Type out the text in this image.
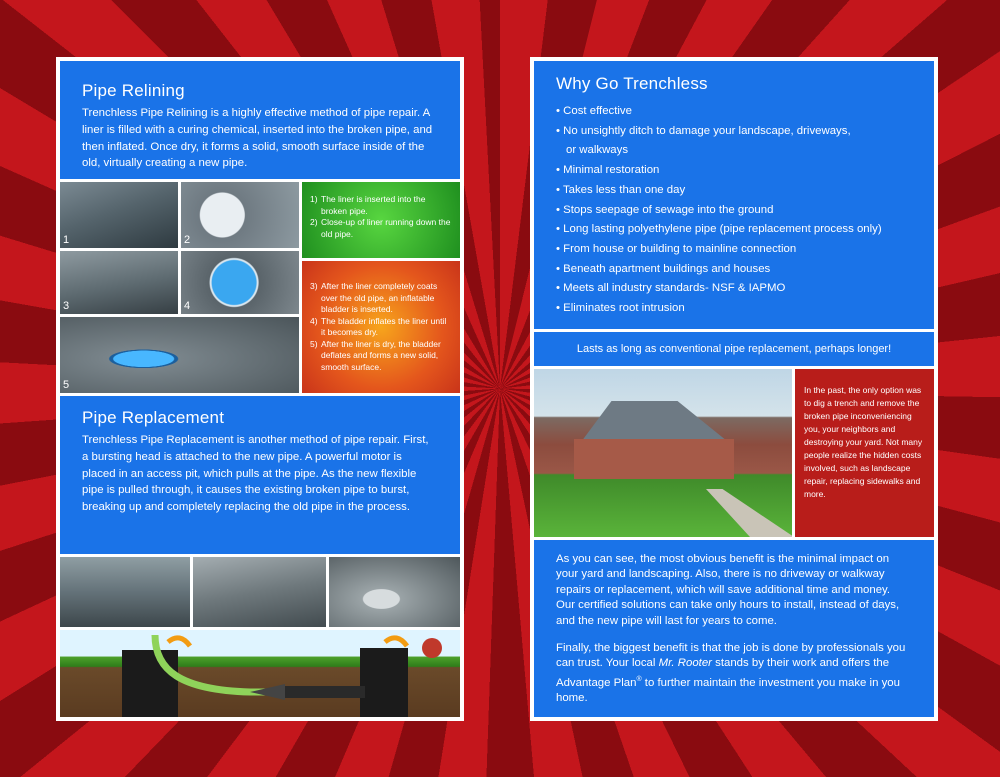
Pipe Relining

Trenchless Pipe Relining is a highly effective method of pipe repair. A liner is filled with a curing chemical, inserted into the broken pipe, and then inflated. Once dry, it forms a solid, smooth surface inside of the old, virtually creating a new pipe.

1	2
3	4
5
1) The liner is inserted into the broken pipe.
2) Close-up of liner running down the old pipe.
3) After the liner completely coats over the old pipe, an inflatable bladder is inserted.
4) The bladder inflates the liner until it becomes dry.
5) After the liner is dry, the bladder deflates and forms a new solid, smooth surface.
Pipe Replacement

Trenchless Pipe Replacement is another method of pipe repair. First, a bursting head is attached to the new pipe. A powerful motor is placed in an access pit, which pulls at the pipe. As the new flexible pipe is pulled through, it causes the existing broken pipe to burst, breaking up and completely replacing the old pipe in the process.

Why Go Trenchless
• Cost effective
• No unsightly ditch to damage your landscape, driveways,
or walkways
• Minimal restoration
• Takes less than one day
• Stops seepage of sewage into the ground
• Long lasting polyethylene pipe (pipe replacement process only)
• From house or building to mainline connection
• Beneath apartment buildings and houses
• Meets all industry standards- NSF & IAPMO
• Eliminates root intrusion
Lasts as long as conventional pipe replacement, perhaps longer!
In the past, the only option was to dig a trench and remove the broken pipe inconveniencing you, your neighbors and destroying your yard. Not many people realize the hidden costs involved, such as landscape repair, replacing sidewalks and more.

As you can see, the most obvious benefit is the minimal impact on your yard and landscaping. Also, there is no driveway or walkway repairs or replacement, which will save additional time and money. Our certified solutions can take only hours to install, instead of days, and the new pipe will last for years to come.

Finally, the biggest benefit is that the job is done by professionals you can trust. Your local Mr. Rooter stands by their work and offers the Advantage Plan® to further maintain the investment you make in you home.
